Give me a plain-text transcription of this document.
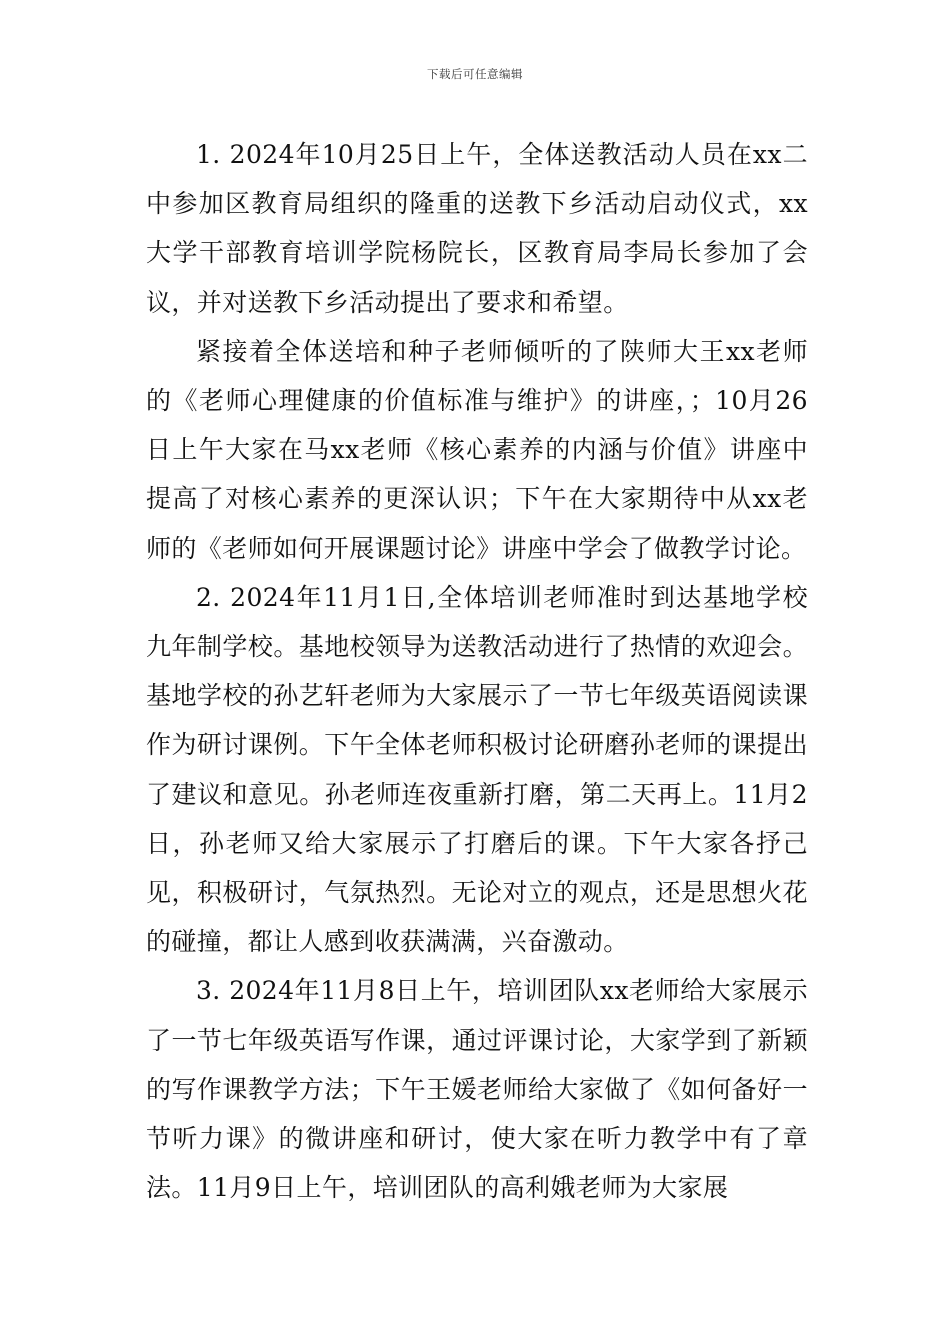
下载后可任意编辑

1. 2024年10月25日上午，全体送教活动人员在xx二中参加区教育局组织的隆重的送教下乡活动启动仪式，xx大学干部教育培训学院杨院长，区教育局李局长参加了会议，并对送教下乡活动提出了要求和希望。

紧接着全体送培和种子老师倾听的了陕师大王xx老师的《老师心理健康的价值标准与维护》的讲座，；10月26日上午大家在马xx老师《核心素养的内涵与价值》讲座中提高了对核心素养的更深认识；下午在大家期待中从xx老师的《老师如何开展课题讨论》讲座中学会了做教学讨论。

2. 2024年11月1日,全体培训老师准时到达基地学校九年制学校。基地校领导为送教活动进行了热情的欢迎会。基地学校的孙艺轩老师为大家展示了一节七年级英语阅读课作为研讨课例。下午全体老师积极讨论研磨孙老师的课提出了建议和意见。孙老师连夜重新打磨，第二天再上。11月2日，孙老师又给大家展示了打磨后的课。下午大家各抒己见，积极研讨，气氛热烈。无论对立的观点，还是思想火花的碰撞，都让人感到收获满满，兴奋激动。

3. 2024年11月8日上午，培训团队xx老师给大家展示了一节七年级英语写作课，通过评课讨论，大家学到了新颖的写作课教学方法；下午王媛老师给大家做了《如何备好一节听力课》的微讲座和研讨，使大家在听力教学中有了章法。11月9日上午，培训团队的高利娥老师为大家展
